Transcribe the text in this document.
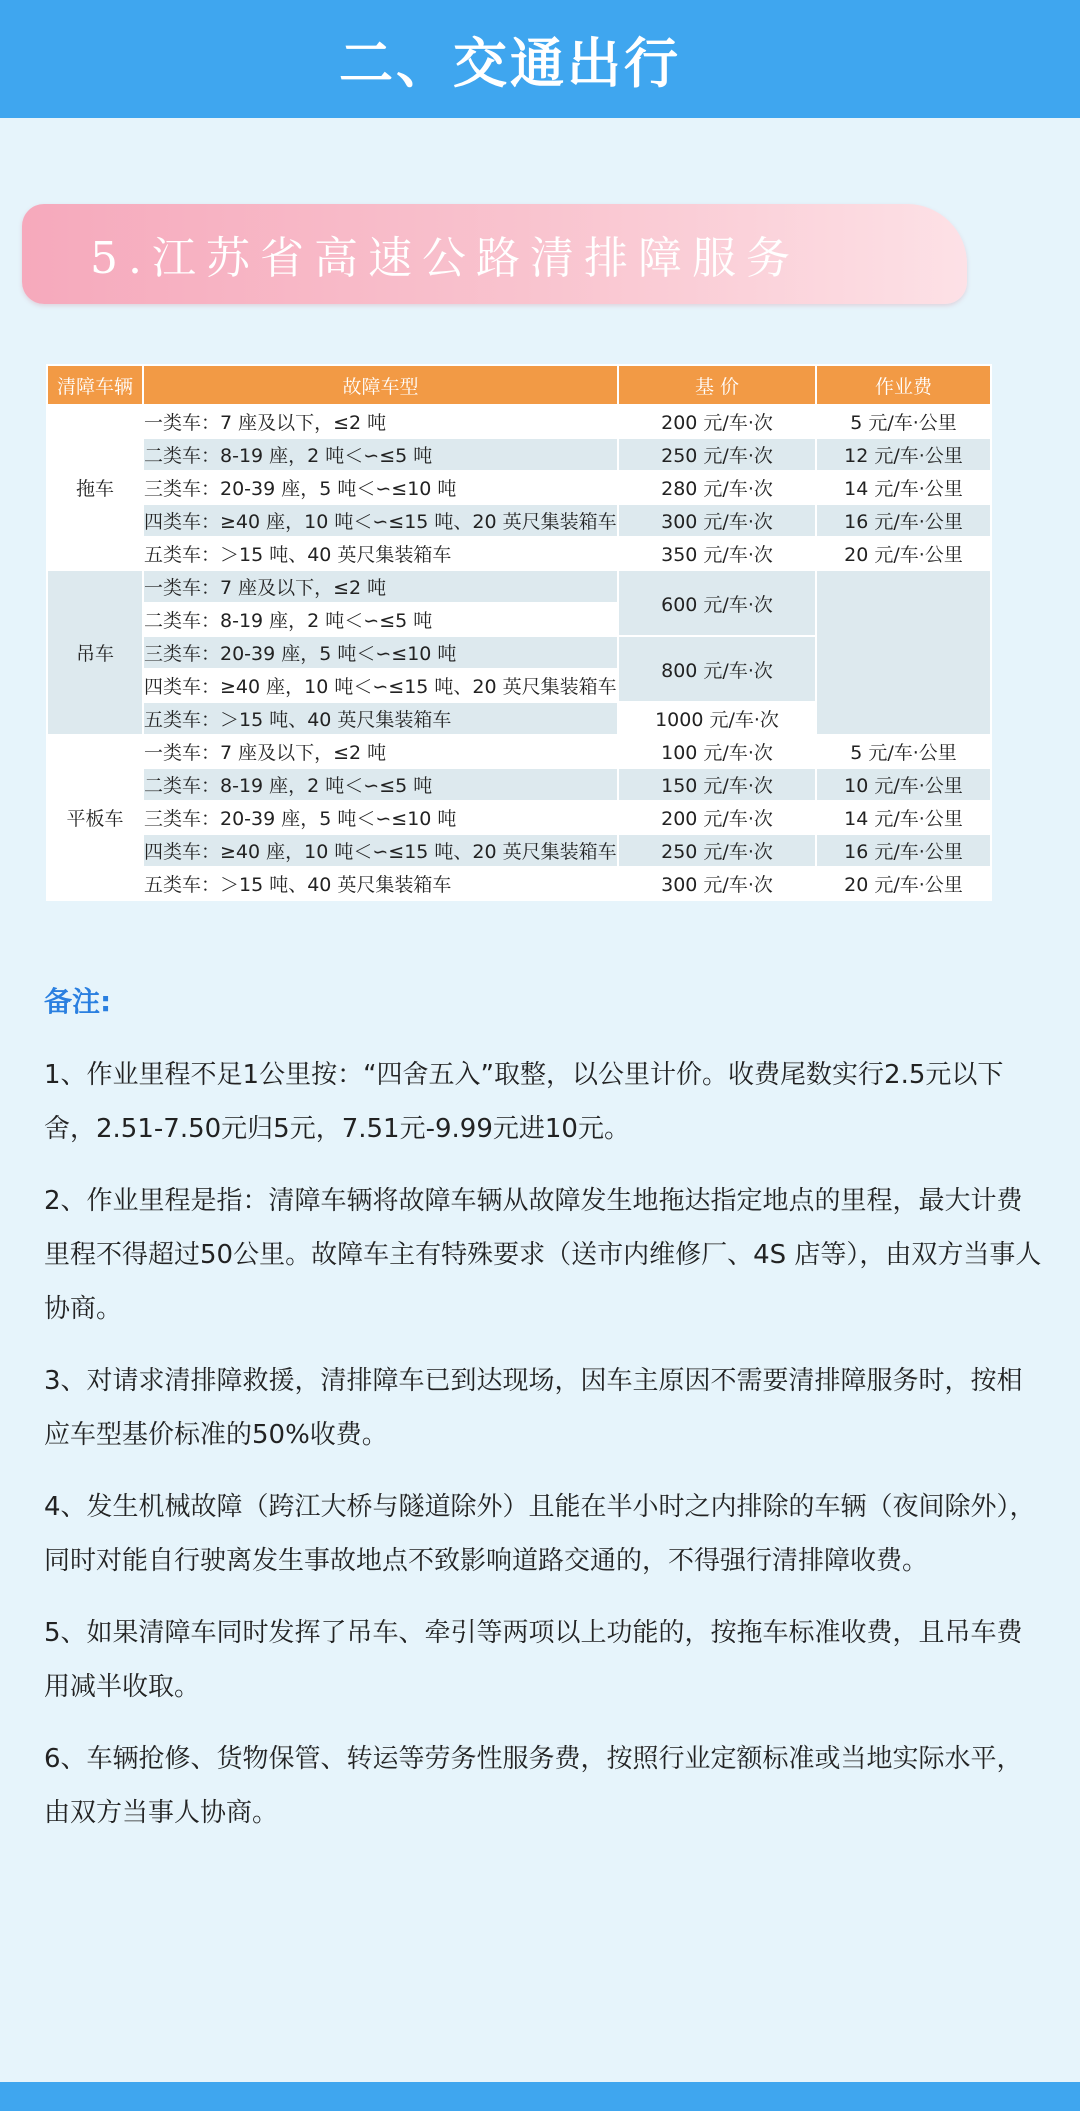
二、交通出行
5.江苏省高速公路清排障服务
清障车辆	故障车型	基 价	作业费
拖车	一类车：7 座及以下，≤2 吨	200 元/车·次	5 元/车·公里
	二类车：8-19 座，2 吨＜∽≤5 吨	250 元/车·次	12 元/车·公里
	三类车：20-39 座，5 吨＜∽≤10 吨	280 元/车·次	14 元/车·公里
	四类车：≥40 座，10 吨＜∽≤15 吨、20 英尺集装箱车	300 元/车·次	16 元/车·公里
	五类车：＞15 吨、40 英尺集装箱车	350 元/车·次	20 元/车·公里
吊车	一类车：7 座及以下，≤2 吨	600 元/车·次	
	二类车：8-19 座，2 吨＜∽≤5 吨		
	三类车：20-39 座，5 吨＜∽≤10 吨	800 元/车·次	
	四类车：≥40 座，10 吨＜∽≤15 吨、20 英尺集装箱车		
	五类车：＞15 吨、40 英尺集装箱车	1000 元/车·次	
平板车	一类车：7 座及以下，≤2 吨	100 元/车·次	5 元/车·公里
	二类车：8-19 座，2 吨＜∽≤5 吨	150 元/车·次	10 元/车·公里
	三类车：20-39 座，5 吨＜∽≤10 吨	200 元/车·次	14 元/车·公里
	四类车：≥40 座，10 吨＜∽≤15 吨、20 英尺集装箱车	250 元/车·次	16 元/车·公里
	五类车：＞15 吨、40 英尺集装箱车	300 元/车·次	20 元/车·公里
备注:

1、作业里程不足1公里按：“四舍五入”取整，以公里计价。收费尾数实行2.5元以下舍，2.51-7.50元归5元，7.51元-9.99元进10元。

2、作业里程是指：清障车辆将故障车辆从故障发生地拖达指定地点的里程，最大计费里程不得超过50公里。故障车主有特殊要求（送市内维修厂、4S 店等），由双方当事人协商。

3、对请求清排障救援，清排障车已到达现场，因车主原因不需要清排障服务时，按相应车型基价标准的50%收费。

4、发生机械故障（跨江大桥与隧道除外）且能在半小时之内排除的车辆（夜间除外），同时对能自行驶离发生事故地点不致影响道路交通的，不得强行清排障收费。

5、如果清障车同时发挥了吊车、牵引等两项以上功能的，按拖车标准收费，且吊车费用减半收取。

6、车辆抢修、货物保管、转运等劳务性服务费，按照行业定额标准或当地实际水平，由双方当事人协商。
